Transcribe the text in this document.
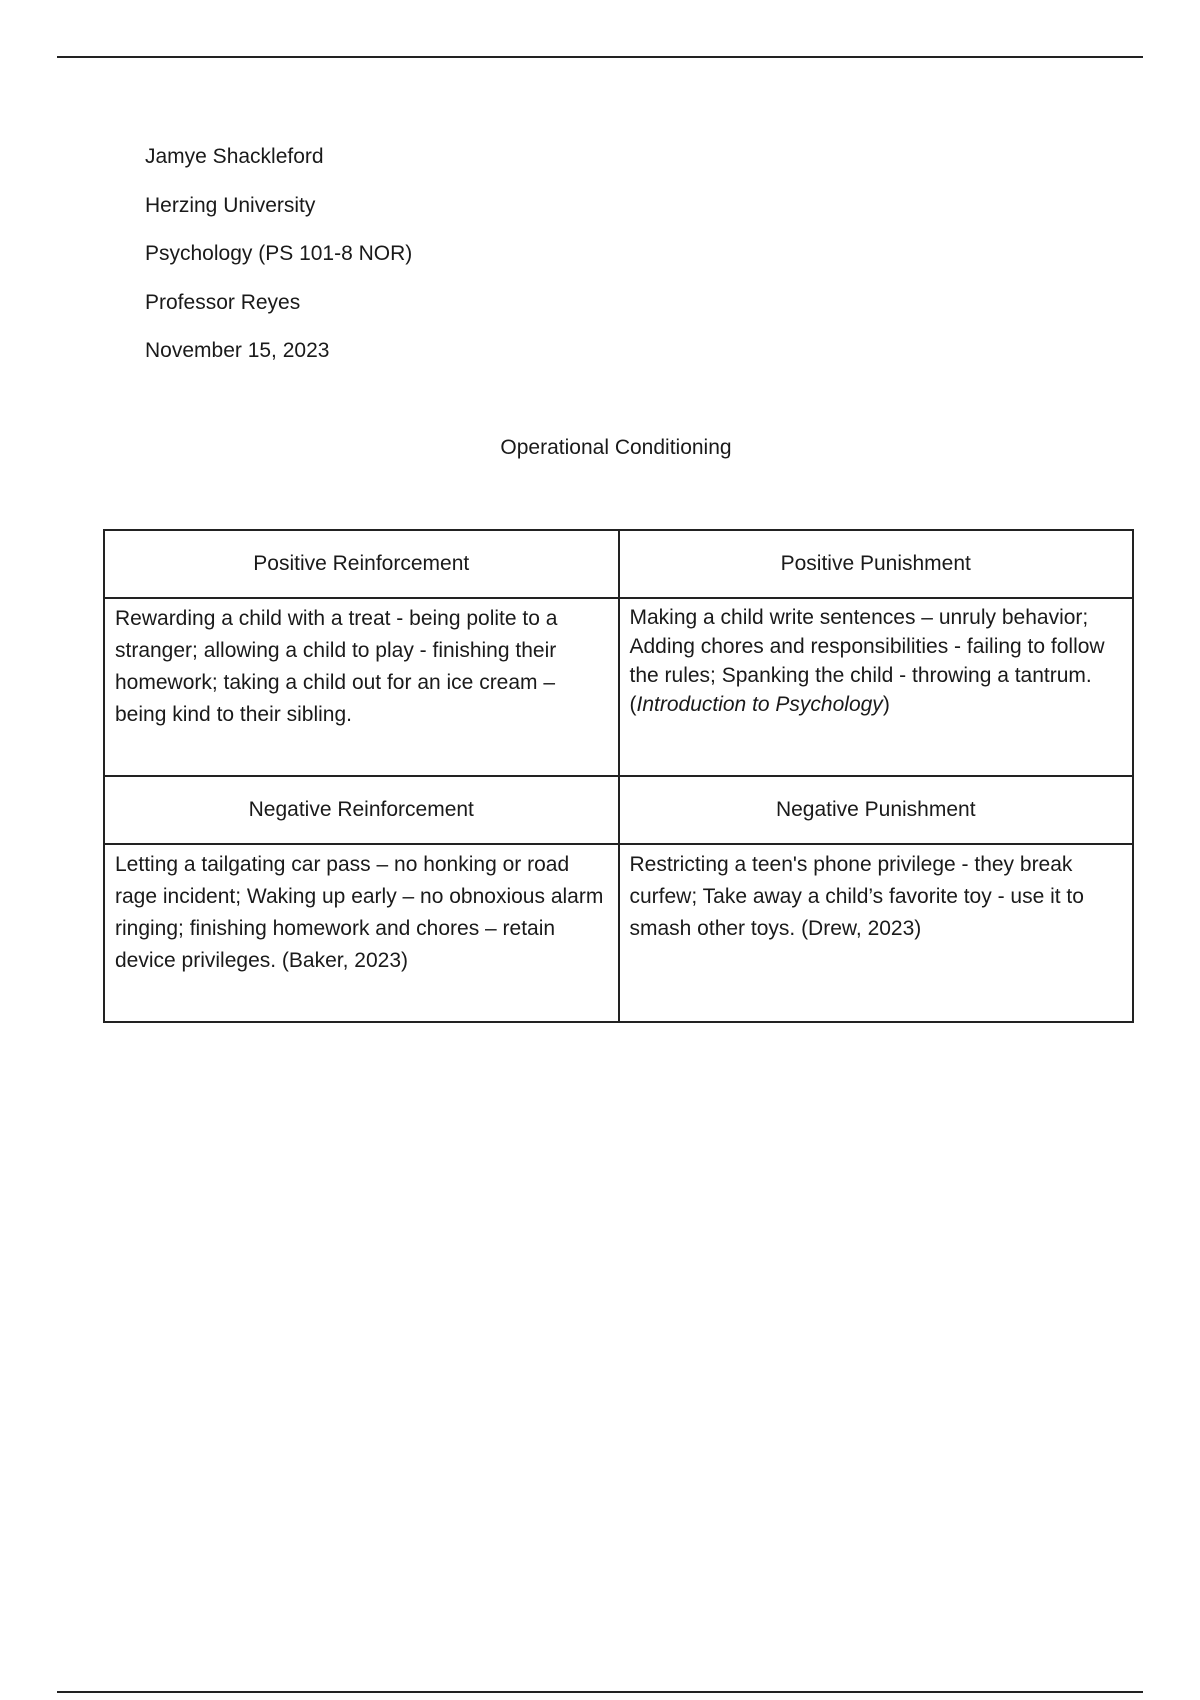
Jamye Shackleford
Herzing University
Psychology (PS 101-8 NOR)
Professor Reyes
November 15, 2023
Operational Conditioning
Positive Reinforcement	Positive Punishment
Rewarding a child with a treat - being polite to a stranger; allowing a child to play - finishing their homework; taking a child out for an ice cream – being kind to their sibling.	Making a child write sentences – unruly behavior; Adding chores and responsibilities - failing to follow the rules; Spanking the child - throwing a tantrum. (Introduction to Psychology)
Negative Reinforcement	Negative Punishment
Letting a tailgating car pass – no honking or road rage incident; Waking up early – no obnoxious alarm ringing; finishing homework and chores – retain device privileges. (Baker, 2023)	Restricting a teen's phone privilege - they break curfew; Take away a child’s favorite toy - use it to smash other toys. (Drew, 2023)
